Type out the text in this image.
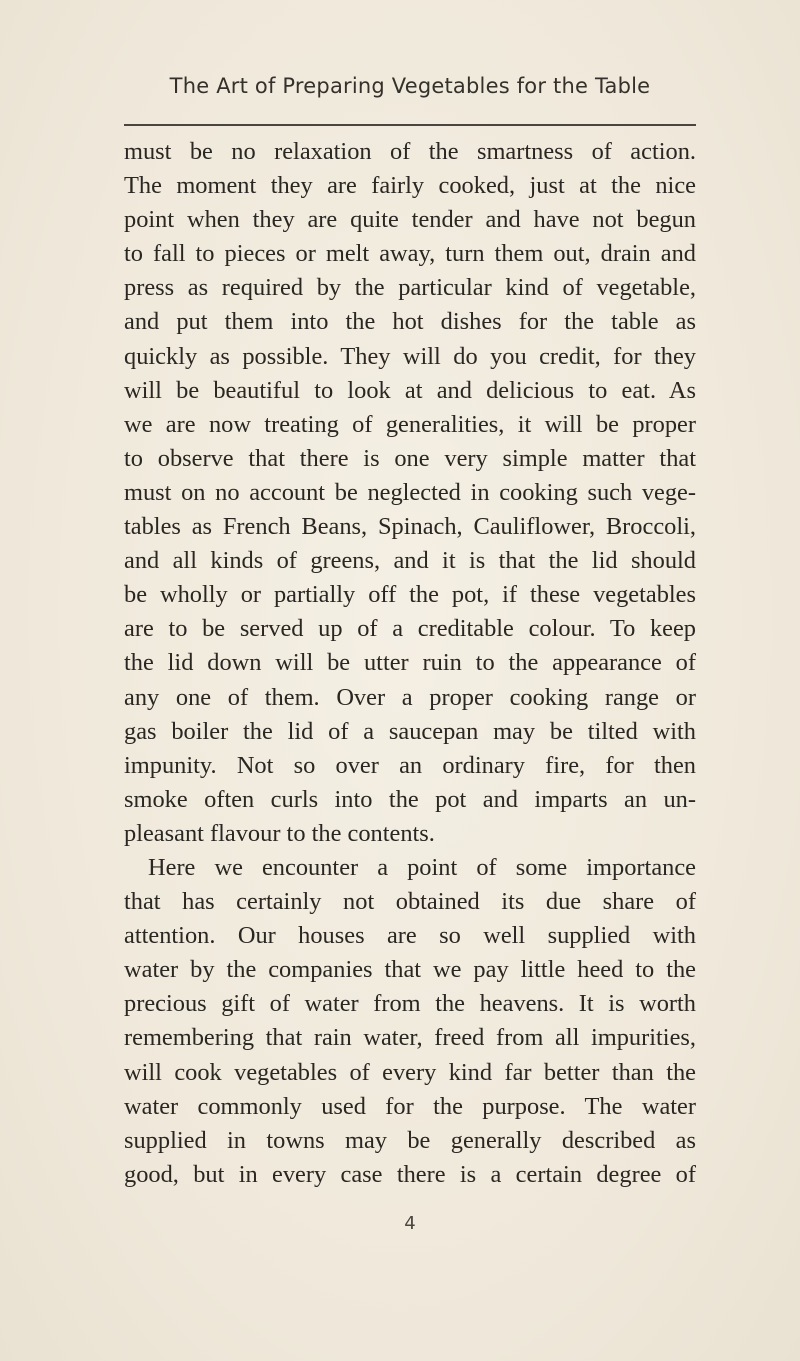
The Art of Preparing Vegetables for the Table
must be no relaxation of the smartness of action.
The moment they are fairly cooked, just at the nice
point when they are quite tender and have not begun
to fall to pieces or melt away, turn them out, drain and
press as required by the particular kind of vegetable,
and put them into the hot dishes for the table as
quickly as possible. They will do you credit, for they
will be beautiful to look at and delicious to eat. As
we are now treating of generalities, it will be proper
to observe that there is one very simple matter that
must on no account be neglected in cooking such vege-
tables as French Beans, Spinach, Cauliflower, Broccoli,
and all kinds of greens, and it is that the lid should
be wholly or partially off the pot, if these vegetables
are to be served up of a creditable colour. To keep
the lid down will be utter ruin to the appearance of
any one of them. Over a proper cooking range or
gas boiler the lid of a saucepan may be tilted with
impunity. Not so over an ordinary fire, for then
smoke often curls into the pot and imparts an un-
pleasant flavour to the contents.
Here we encounter a point of some importance
that has certainly not obtained its due share of
attention. Our houses are so well supplied with
water by the companies that we pay little heed to the
precious gift of water from the heavens. It is worth
remembering that rain water, freed from all impurities,
will cook vegetables of every kind far better than the
water commonly used for the purpose. The water
supplied in towns may be generally described as
good, but in every case there is a certain degree of
4
